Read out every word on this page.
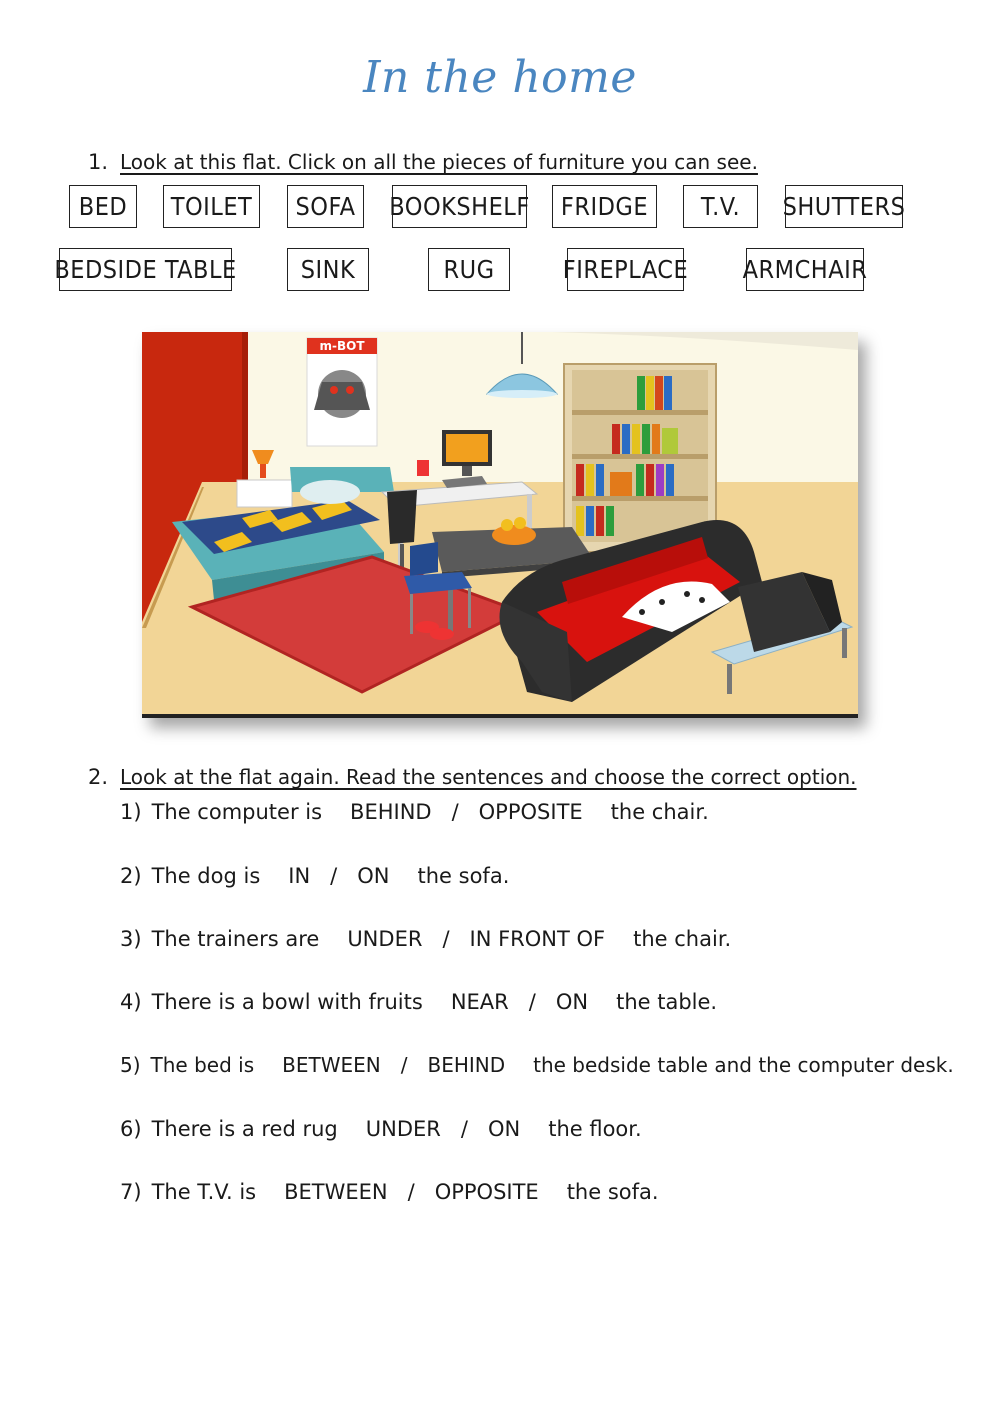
In the home
1. Look at this flat. Click on all the pieces of furniture you can see.
BED	TOILET	SOFA	BOOKSHELF	FRIDGE	T.V.	SHUTTERS
BEDSIDE TABLE	SINK	RUG	FIREPLACE ARMCHAIR
m-BOT
2. Look at the flat again. Read the sentences and choose the correct option.
1) The computer is BEHIND / OPPOSITE the chair.
2) The dog is IN / ON the sofa.
3) The trainers are UNDER / IN FRONT OF the chair.
4) There is a bowl with fruits NEAR / ON the table.
5) The bed is	BETWEEN	/	BEHIND	the bedside table and the computer desk.
6) There is a red rug UNDER / ON the floor.
7) The T.V. is BETWEEN / OPPOSITE the sofa.
